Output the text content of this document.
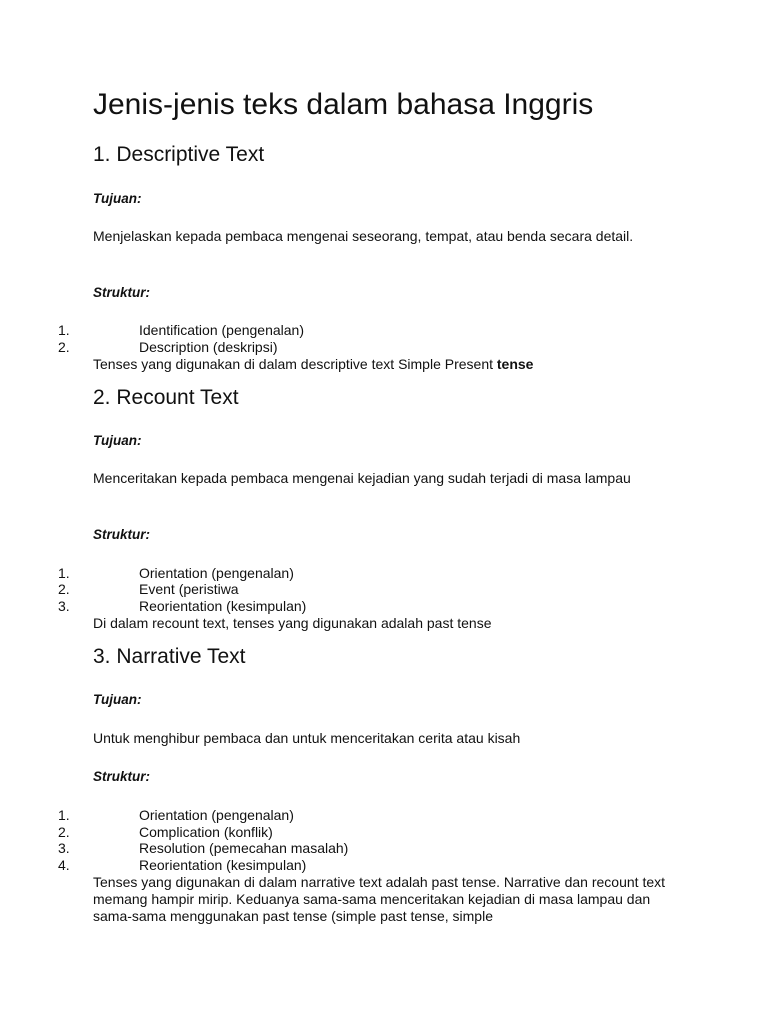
Jenis-jenis teks dalam bahasa Inggris
1. Descriptive Text
Tujuan:
Menjelaskan kepada pembaca mengenai seseorang, tempat, atau benda secara detail.
Struktur:
1.	Identification (pengenalan)
2.	Description (deskripsi)
Tenses yang digunakan di dalam descriptive text Simple Present tense
2. Recount Text
Tujuan:
Menceritakan kepada pembaca mengenai kejadian yang sudah terjadi di masa lampau
Struktur:
1.	Orientation (pengenalan)
2.	Event (peristiwa
3.	Reorientation (kesimpulan)
Di dalam recount text, tenses yang digunakan adalah past tense
3. Narrative Text
Tujuan:
Untuk menghibur pembaca dan untuk menceritakan cerita atau kisah
Struktur:
1.	Orientation (pengenalan)
2.	Complication (konflik)
3.	Resolution (pemecahan masalah)
4.	Reorientation (kesimpulan)
Tenses yang digunakan di dalam narrative text adalah past tense. Narrative dan recount text memang hampir mirip. Keduanya sama-sama menceritakan kejadian di masa lampau dan sama-sama menggunakan past tense (simple past tense, simple
